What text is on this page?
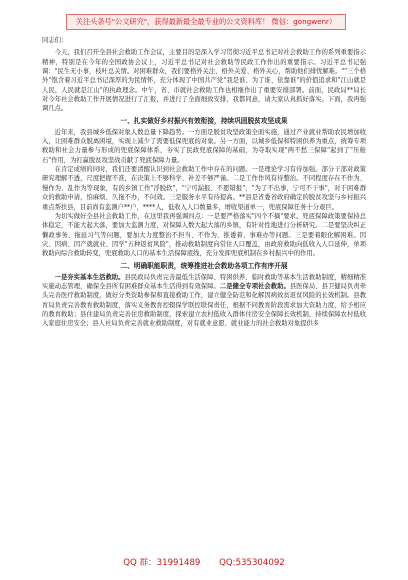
关注头条号"公文研究"，获得最新最全最专业的公文资料库！ 微信：gongwenr）
同志们：

今天，我们召开全县社会救助工作会议，主要目的是深入学习贯彻习近平总书记对社会救助工作的系列重要指示精神，特别是在今年的全国政协会议上，习近平总书记对社会救助等民政工作作出的重要指示。习近平总书记强调："民生无小事，枝叶总关情。对困难群众，我们要格外关注、格外关爱、格外关心，帮助他们排忧解难。""三个格外"饱含着习近平总书记深厚的为民情怀，充分体现了中国共产党"我是谁、为了谁、依靠谁"的价值追求和"江山就是人民，人民就是江山"的执政理念。中午，省、市就社会救助工作也相继作出了重要安排部署。前面，民政局**局长对今年社会救助工作开展情况进行了汇报，并进行了全面细致安排，我都同意，请大家认真抓好落实。下面，我再强调几点。

一、扎实做好乡村振兴有效衔接，持续巩固脱贫攻坚成果

近年来，我县城乡低保对象人数总量下降趋势。一方面是脱贫攻坚政策全面实施，通过产业就业帮助农民增加收入，让困难群众脱离困境，实现上减少了需要低保兜底的对象。另一方面，以城乡低保和特困供养为重点，统筹专项救助和社会力量参与形成的兜底保障体系，夯实了民政兜底保障的基础，为夺取实现"两不愁三保障"起到了"压舱石"作用，为打赢脱贫攻坚战贡献了兜底保障力量。

在肯定成绩的同时，我们还要清醒认识到社会救助工作中存在的问题。一是理论学习有待加强。部分干部对政策研究理解不透，尺度把握不准，在决策上不够科学、补差不够严谨。二是工作作风有待整治。不同程度存在不作为、慢作为、乱作为等现象，有的乡镇工作"浮脱软"，"宁可漏报、不愿错报"，"为了不出事，宁可不干事"，对于困难群众的救助申请，怕麻烦、久拖不办，不问效。三是服务水平有待提高。**县是省委省政府确定的脱贫攻坚与乡村振兴重点帮扶县，目前尚有监测户**户，****人，低收入人口数量多，增收渠道单一，兜底保障任务十分艰巨。

为切实做好全县社会救助工作，在这里我再强调四点：一是要严格落实"四个不摘"要求。兜底保障政策要保持总体稳定，不能大起大落，要加大监测力度，对保障人数大起大落的乡镇，有针对性地进行分析研究。二是要坚决纠正懒政事务、拖延习气等问题，要加大力度整治不担当、不作为、推诿着、事难办等问题。三是要着眼化解困难。因灾、因病、因产就就业、因学"五种返贫风险"，推动救助制度向常住人口覆盖，由政府救助向低收入人口延伸，单项救助向综合救助转变，兜底救助人口的基本生活保障底线，充分发挥兜底机制在乡村振兴中的作用。

二、明确职能职责，统筹推进社会救助各项工作有序开展

一是夯实基本生活救助。县民政局负责完善最低生活保障、特困供养、临时救助等基本生活救助制度，精细精准实施动态管理，确保全县所有困难群众基本生活得到有效保障。二是健全专项社会救助。县医保局、县卫健局负责牵头完善医疗救助制度，做好分类资助参保和直接救助工作，建立健全防范和化解因病致贫返贫风险的长效机制。县教育局负责完善教育救助制度，落实义务教育控辍保学联控联保责任，根据不同教育阶段需求加大资助力度，给予相应的教育救助；县住建局负责完善住房救助制度，探索建立农村低收入群体住房安全保障长效机制，持续保障农村低收入家庭住房安全；县人社局负责完善就业救助制度，对有就业意愿、就业能力的社会救助对象提供多

QQ 群：31991489 QQ:535304092
